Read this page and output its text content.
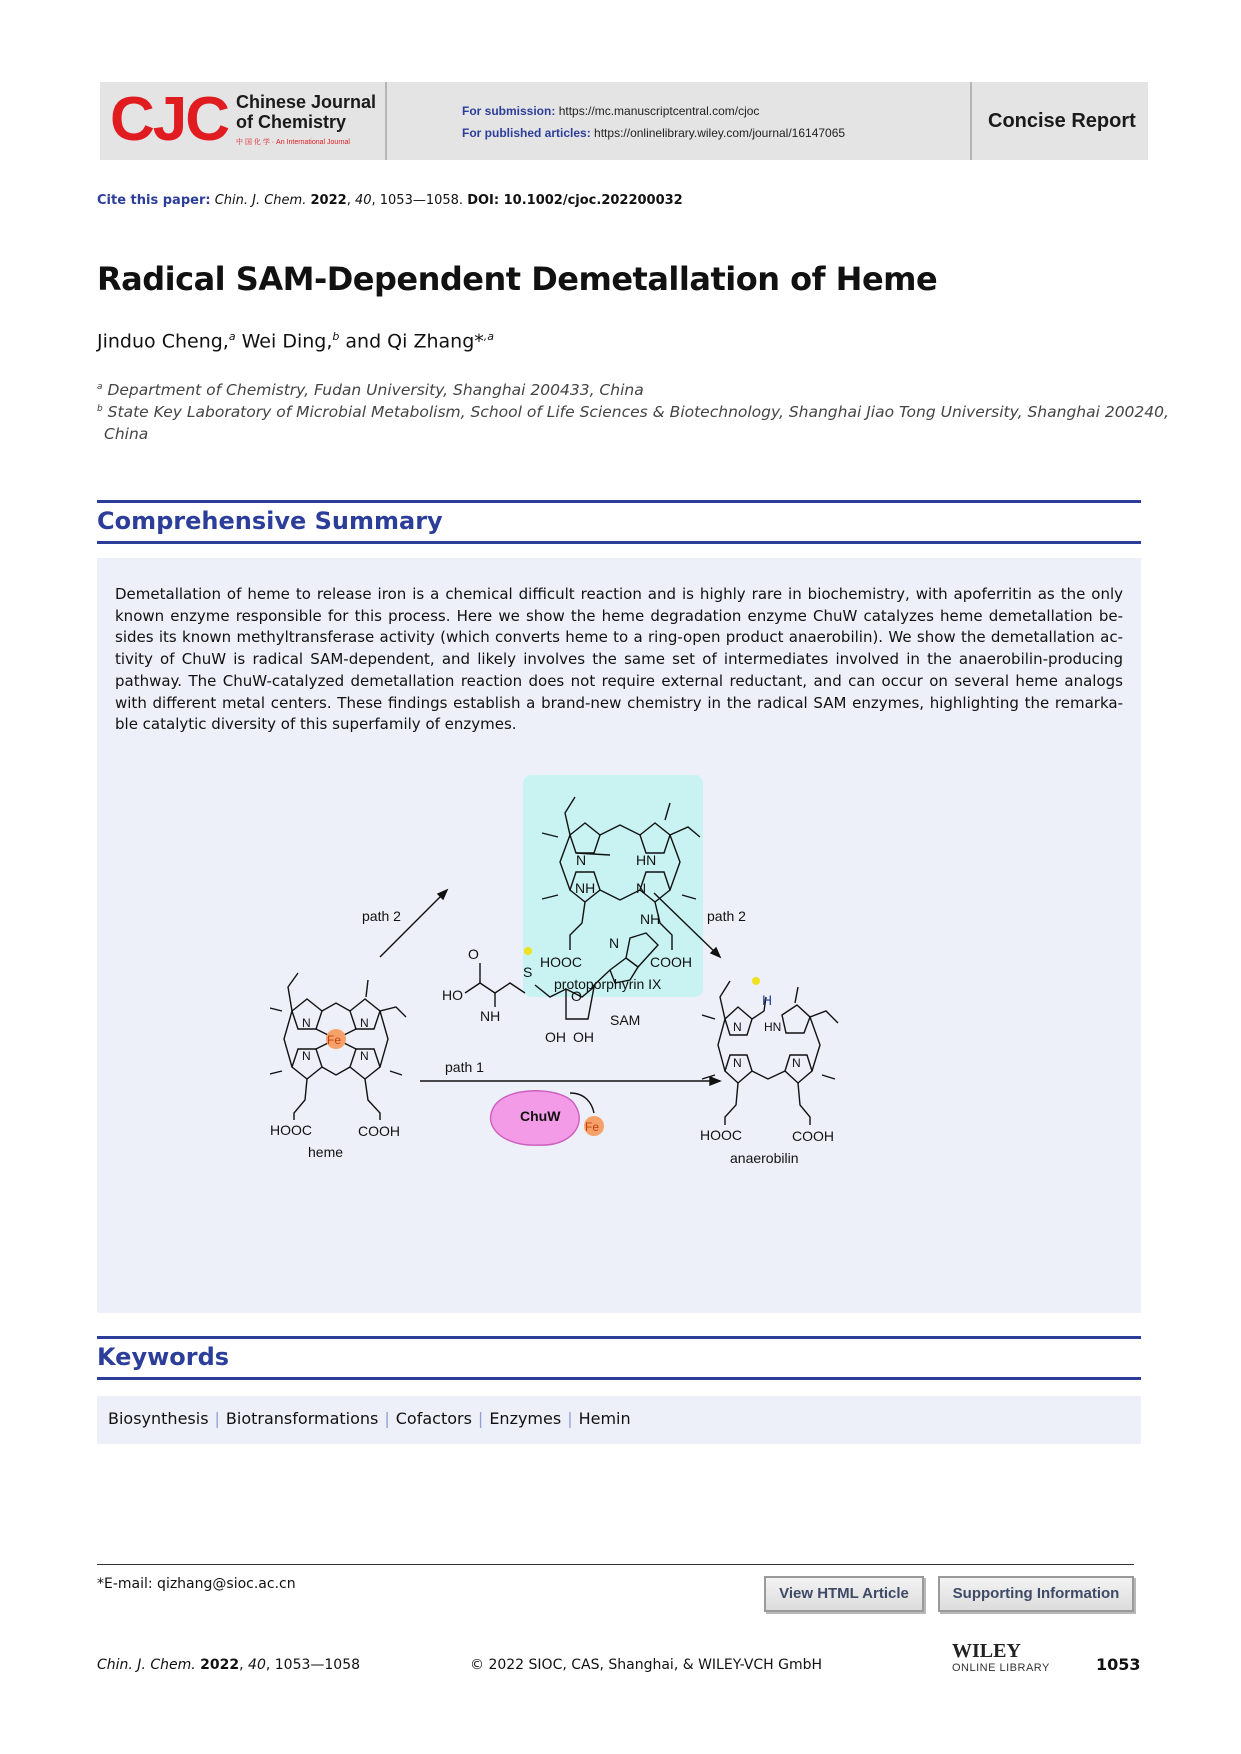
CJC Chinese Journal
of Chemistry
中 国 化 学 · An International Journal
For submission: https://mc.manuscriptcentral.com/cjoc
For published articles: https://onlinelibrary.wiley.com/journal/16147065
Concise Report
Cite this paper: Chin. J. Chem. 2022, 40, 1053—1058. DOI: 10.1002/cjoc.202200032
Radical SAM-Dependent Demetallation of Heme
Jinduo Cheng,$^a$ Wei Ding,$^b$ and Qi Zhang*$^{,a}$
$^a$ Department of Chemistry, Fudan University, Shanghai 200433, China
$^b$ State Key Laboratory of Microbial Metabolism, School of Life Sciences & Biotechnology, Shanghai Jiao Tong University, Shanghai 200240,
China
Comprehensive Summary
Demetallation of heme to release iron is a chemical difficult reaction and is highly rare in biochemistry, with apoferritin as the only known enzyme responsible for this process. Here we show the heme degradation enzyme ChuW catalyzes heme demetallation besides its known methyltransferase activity (which converts heme to a ring-open product anaerobilin). We show the demetallation activity of ChuW is radical SAM-dependent, and likely involves the same set of intermediates involved in the anaerobilin-producing pathway. The ChuW-catalyzed demetallation reaction does not require external reductant, and can occur on several heme analogs with different metal centers. These findings establish a brand-new chemistry in the radical SAM enzymes, highlighting the remarkable catalytic diversity of this superfamily of enzymes.
N	HN
NH	N
HOOC	COOH
protoporphyrin IX
path 2	path 2
O
HO
NH
S
O
OH OH
SAM
N
NH
path 1
ChuW
Fe
Fe
N	N
N	N
HOOC	COOH
heme
H
N HN
N	N
HOOC	COOH
anaerobilin
Keywords
Biosynthesis | Biotransformations | Cofactors | Enzymes | Hemin
*E-mail: qizhang@sioc.ac.cn
View HTML Article	Supporting Information
Chin. J. Chem. 2022, 40, 1053—1058	© 2022 SIOC, CAS, Shanghai, & WILEY-VCH GmbH
WILEY
ONLINE LIBRARY	1053
